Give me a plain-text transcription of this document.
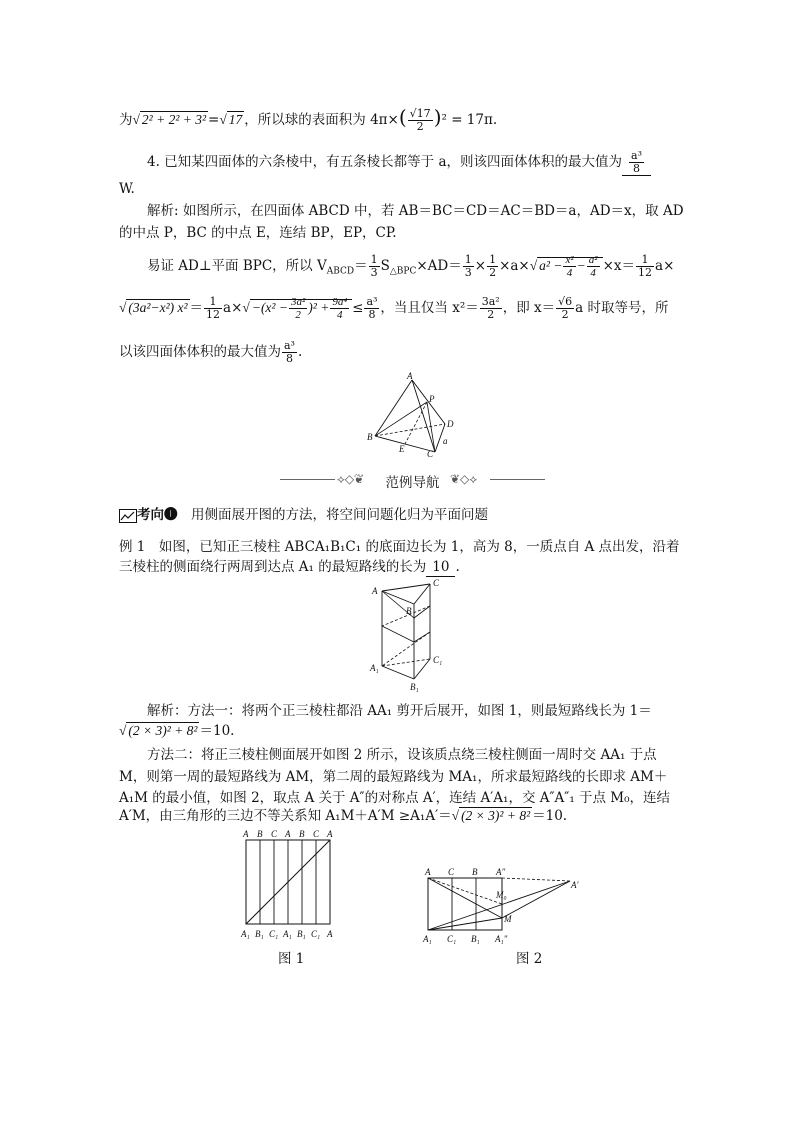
为√ 2² + 2² + 3² =√ 17 ，所以球的表面积为 $4\pi\times( \frac{√17}{2} )^2 = 17\pi$.
4. 已知某四面体的六条棱中，有五条棱长都等于 a，则该四面体体积的最大值为 $\frac{\text{a³}}{8}$
W.
解析: 如图所示，在四面体 ABCD 中，若 AB＝BC＝CD＝AC＝BD＝a，AD＝x，取 AD
的中点 P，BC 的中点 E，连结 BP，EP，CP.
易证 AD⊥平面 BPC，所以 $V_{ABCD}= \frac{1}{3} S_{\triangle BPC}\times AD= \frac{1}{3} \times \frac{1}{2} \times a\times√$ $a^2 - \frac{\text{x²}}{4} - \frac{\text{a²}}{4} \times x= \frac{1}{12} a\times$
√ (3a²−x²) $x^2 = \frac{1}{12} a\times√ -(x^2 - \frac{\text{3a²}}{2} )^2 + \frac{\text{9a⁴}}{4} \le \frac{\text{a³}}{8}$ ，当且仅当 $x^2= \frac{\text{3a²}}{2}$ ，即 $x= \frac{√6}{2}$ a 时取等号，所
以该四面体体积的最大值为 $\frac{\text{a³}}{8}$ .
A
P
D
a
B
E	C
⟡◇❦	范例导航 ❦◇⟡
考向❶　 用侧面展开图的方法，将空间问题化归为平面问题
例 1　如图，已知正三棱柱 ABCA₁B₁C₁ 的底面边长为 1，高为 8，一质点自 A 点出发，沿着
三棱柱的侧面绕行两周到达点 A₁ 的最短路线的长为 10 .
A
C
B
A₁
C₁
B₁
解析：方法一：将两个正三棱柱都沿 AA₁ 剪开后展开，如图 1，则最短路线长为 1＝
√ (2 × 3)² + 8² ＝10.
方法二：将正三棱柱侧面展开如图 2 所示，设该质点绕三棱柱侧面一周时交 AA₁ 于点
M，则第一周的最短路线为 AM，第二周的最短路线为 MA₁，所求最短路线的长即求 AM＋
A₁M 的最小值，如图 2，取点 A 关于 A″的对称点 A′，连结 A′A₁，交 A″A″₁ 于点 M₀，连结
A′M，由三角形的三边不等关系知 A₁M＋A′M ≥A₁A′＝√ (2 × 3)² + 8² ＝10.
A B C A B C A
A₁ B₁ C₁ A₁ B₁ C₁ A
图 1
A C B A″
M₀
M
A′
A₁ C₁ B₁ A₁″
图 2
